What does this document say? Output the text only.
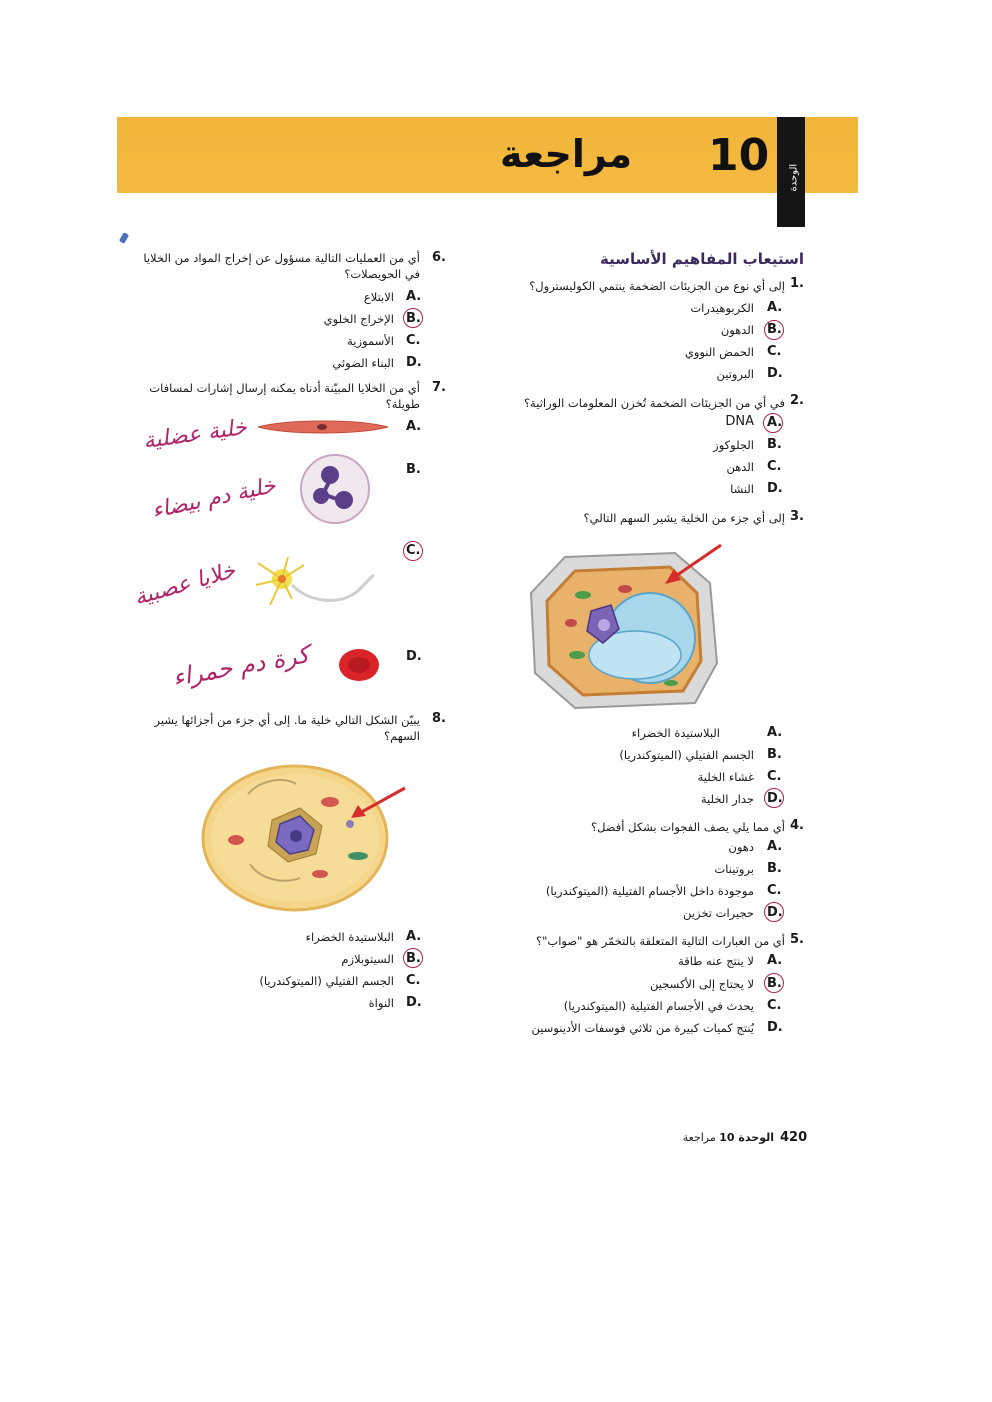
الوحدة
10
مراجعة
استيعاب المفاهيم الأساسية
1.
إلى أي نوع من الجزيئات الضخمة ينتمي الكوليسترول؟
A.
الكربوهيدرات
B.
الدهون
C.
الحمض النووي
D.
البروتين
2.
في أي من الجزيئات الضخمة تُخزن المعلومات الوراثية؟
A.
DNA
B.
الجلوكوز
C.
الدهن
D.
النشا
3.
إلى أي جزء من الخلية يشير السهم التالي؟
A.
البلاستيدة الخضراء
B.
الجسم الفتيلي (الميتوكندريا)
C.
غشاء الخلية
D.
جدار الخلية
4.
أي مما يلي يصف الفجوات بشكل أفضل؟
A.
دهون
B.
بروتينات
C.
موجودة داخل الأجسام الفتيلية (الميتوكندريا)
D.
حجيرات تخزين
5.
أي من العبارات التالية المتعلقة بالتخمّر هو "صواب"؟
A.
لا ينتج عنه طاقة
B.
لا يحتاج إلى الأكسجين
C.
يحدث في الأجسام الفتيلية (الميتوكندريا)
D.
يُنتج كميات كبيرة من ثلاثي فوسفات الأدينوسين
6.
أي من العمليات التالية مسؤول عن إخراج المواد من الخلايا في الحويصلات؟
A.
الابتلاع
B.
الإخراج الخلوي
C.
الأسموزية
D.
البناء الضوئي
7.
أي من الخلايا المبيّنة أدناه يمكنه إرسال إشارات لمسافات طويلة؟
A.
خلية عضلية
B.
خلية دم بيضاء
C.
خلايا عصبية
D.
كرة دم حمراء
8.
يبيّن الشكل التالي خلية ما. إلى أي جزء من أجزائها يشير السهم؟
A.
البلاستيدة الخضراء
B.
السيتوبلازم
C.
الجسم الفتيلي (الميتوكندريا)
D.
النواة
420
الوحدة 10 مراجعة
